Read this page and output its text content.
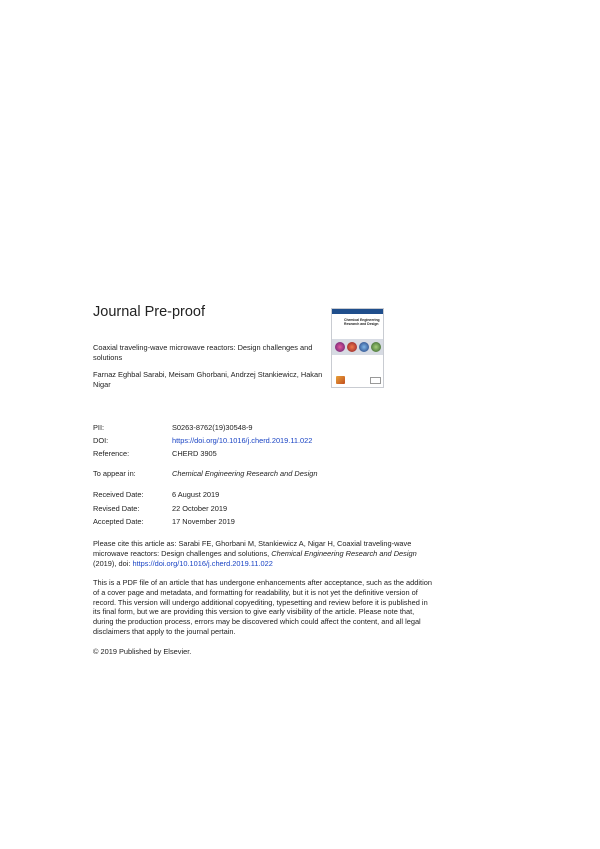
Journal Pre-proof
Coaxial traveling-wave microwave reactors: Design challenges and solutions
Farnaz Eghbal Sarabi, Meisam Ghorbani, Andrzej Stankiewicz, Hakan Nigar
Chemical Engineering Research and Design
PII:	S0263-8762(19)30548-9
DOI:	https://doi.org/10.1016/j.cherd.2019.11.022
Reference:	CHERD 3905
To appear in:	Chemical Engineering Research and Design
Received Date:	6 August 2019
Revised Date:	22 October 2019
Accepted Date:	17 November 2019
Please cite this article as: Sarabi FE, Ghorbani M, Stankiewicz A, Nigar H, Coaxial traveling-wave microwave reactors: Design challenges and solutions, Chemical Engineering Research and Design (2019), doi: https://doi.org/10.1016/j.cherd.2019.11.022
This is a PDF file of an article that has undergone enhancements after acceptance, such as the addition of a cover page and metadata, and formatting for readability, but it is not yet the definitive version of record. This version will undergo additional copyediting, typesetting and review before it is published in its final form, but we are providing this version to give early visibility of the article. Please note that, during the production process, errors may be discovered which could affect the content, and all legal disclaimers that apply to the journal pertain.
© 2019 Published by Elsevier.
